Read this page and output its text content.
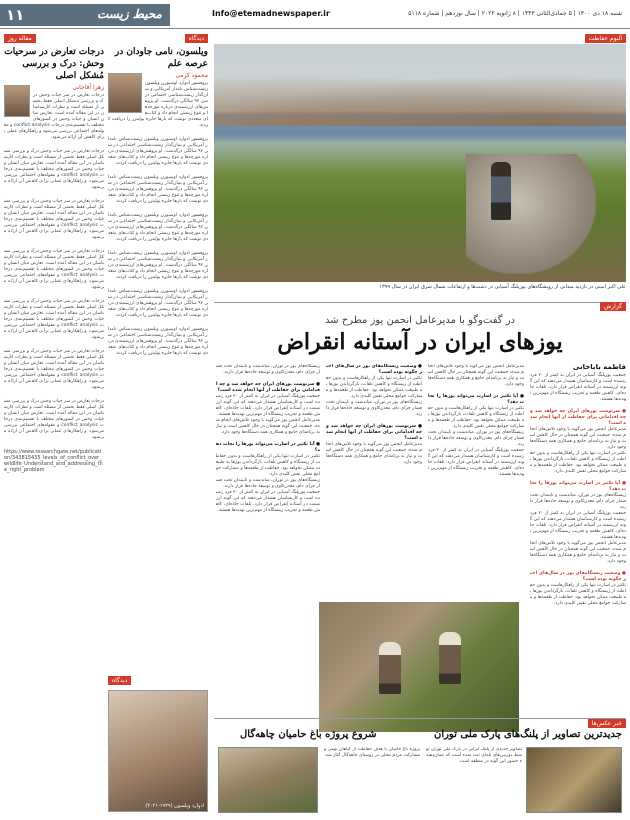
۱۱	محیط زیست	Info@etemadnewspaper.ir	شنبه ۱۸ دی ۱۴۰۰ | ۵ جمادی‌الثانی ۱۴۴۳ | ۸ ژانویه ۲۰۲۲ | سال نوزدهم | شماره ۵۱۱۸
مقاله روز
درجات تعارض در سرحیات وحش: درک و بررسی مُشکل اصلی
زهرا آقاجانی
درجات تعارض در سر حیات وحش درک و بررسی مشکل اصلی فقط بخشی از مسئله است و نظرات کارشناسان در این مقاله آمده است. تعارض میان انسان و حیات وحش در کشورهای مختلف با تقسیم‌بندی درجات conflict analysis و مقوله‌های اجتماعی بررسی می‌شود و راهکارهای عملی برای کاهش آن ارائه می‌شود.
درجات تعارض در سر حیات وحش درک و بررسی مشکل اصلی فقط بخشی از مسئله است و نظرات کارشناسان در این مقاله آمده است. تعارض میان انسان و حیات وحش در کشورهای مختلف با تقسیم‌بندی درجات conflict analysis و مقوله‌های اجتماعی بررسی می‌شود و راهکارهای عملی برای کاهش آن ارائه می‌شود.
درجات تعارض در سر حیات وحش درک و بررسی مشکل اصلی فقط بخشی از مسئله است و نظرات کارشناسان در این مقاله آمده است. تعارض میان انسان و حیات وحش در کشورهای مختلف با تقسیم‌بندی درجات conflict analysis و مقوله‌های اجتماعی بررسی می‌شود و راهکارهای عملی برای کاهش آن ارائه می‌شود.
درجات تعارض در سر حیات وحش درک و بررسی مشکل اصلی فقط بخشی از مسئله است و نظرات کارشناسان در این مقاله آمده است. تعارض میان انسان و حیات وحش در کشورهای مختلف با تقسیم‌بندی درجات conflict analysis و مقوله‌های اجتماعی بررسی می‌شود و راهکارهای عملی برای کاهش آن ارائه می‌شود.
درجات تعارض در سر حیات وحش درک و بررسی مشکل اصلی فقط بخشی از مسئله است و نظرات کارشناسان در این مقاله آمده است. تعارض میان انسان و حیات وحش در کشورهای مختلف با تقسیم‌بندی درجات conflict analysis و مقوله‌های اجتماعی بررسی می‌شود و راهکارهای عملی برای کاهش آن ارائه می‌شود.
درجات تعارض در سر حیات وحش درک و بررسی مشکل اصلی فقط بخشی از مسئله است و نظرات کارشناسان در این مقاله آمده است. تعارض میان انسان و حیات وحش در کشورهای مختلف با تقسیم‌بندی درجات conflict analysis و مقوله‌های اجتماعی بررسی می‌شود و راهکارهای عملی برای کاهش آن ارائه می‌شود.
درجات تعارض در سر حیات وحش درک و بررسی مشکل اصلی فقط بخشی از مسئله است و نظرات کارشناسان در این مقاله آمده است. تعارض میان انسان و حیات وحش در کشورهای مختلف با تقسیم‌بندی درجات conflict analysis و مقوله‌های اجتماعی بررسی می‌شود و راهکارهای عملی برای کاهش آن ارائه می‌شود.
https://www.researchgate.net/publication/343815435_levels_of_conflict_over_wildlife_Understand_and_addressing_the_right_problem
دیدگاه
ویلسون، نامی جاودان در عرصه علم
محمود کرمی
پروفسور ادوارد اوسبورن ویلسون زیست‌شناس نامدار آمریکایی و بنیان‌گذار زیست‌شناسی اجتماعی در سن ۹۲ سالگی درگذشت. او پژوهش‌های ارزشمندی درباره مورچه‌ها و تنوع زیستی انجام داد و کتاب‌های متعددی نوشت که بارها جایزه پولیتزر را دریافت کردند.
پروفسور ادوارد اوسبورن ویلسون زیست‌شناس نامدار آمریکایی و بنیان‌گذار زیست‌شناسی اجتماعی در سن ۹۲ سالگی درگذشت. او پژوهش‌های ارزشمندی درباره مورچه‌ها و تنوع زیستی انجام داد و کتاب‌های متعددی نوشت که بارها جایزه پولیتزر را دریافت کردند.
پروفسور ادوارد اوسبورن ویلسون زیست‌شناس نامدار آمریکایی و بنیان‌گذار زیست‌شناسی اجتماعی در سن ۹۲ سالگی درگذشت. او پژوهش‌های ارزشمندی درباره مورچه‌ها و تنوع زیستی انجام داد و کتاب‌های متعددی نوشت که بارها جایزه پولیتزر را دریافت کردند.
پروفسور ادوارد اوسبورن ویلسون زیست‌شناس نامدار آمریکایی و بنیان‌گذار زیست‌شناسی اجتماعی در سن ۹۲ سالگی درگذشت. او پژوهش‌های ارزشمندی درباره مورچه‌ها و تنوع زیستی انجام داد و کتاب‌های متعددی نوشت که بارها جایزه پولیتزر را دریافت کردند.
پروفسور ادوارد اوسبورن ویلسون زیست‌شناس نامدار آمریکایی و بنیان‌گذار زیست‌شناسی اجتماعی در سن ۹۲ سالگی درگذشت. او پژوهش‌های ارزشمندی درباره مورچه‌ها و تنوع زیستی انجام داد و کتاب‌های متعددی نوشت که بارها جایزه پولیتزر را دریافت کردند.
پروفسور ادوارد اوسبورن ویلسون زیست‌شناس نامدار آمریکایی و بنیان‌گذار زیست‌شناسی اجتماعی در سن ۹۲ سالگی درگذشت. او پژوهش‌های ارزشمندی درباره مورچه‌ها و تنوع زیستی انجام داد و کتاب‌های متعددی نوشت که بارها جایزه پولیتزر را دریافت کردند.
پروفسور ادوارد اوسبورن ویلسون زیست‌شناس نامدار آمریکایی و بنیان‌گذار زیست‌شناسی اجتماعی در سن ۹۲ سالگی درگذشت. او پژوهش‌های ارزشمندی درباره مورچه‌ها و تنوع زیستی انجام داد و کتاب‌های متعددی نوشت که بارها جایزه پولیتزر را دریافت کردند.
دیدگاه
ادوارد ویلسون (۱۹۲۹-۲۰۲۱)
آلبوم حفاظت
علی اکبر امینی در بازدید میدانی از رویشگاه‌های یوزپلنگ آسیایی در دشت‌ها و ارتفاعات شمال شرق ایران در سال ۱۳۹۹
گزارش
در گفت‌وگو با مدیرعامل انجمن یوز مطرح شد
یوزهای ایران در آستانه انقراض
فاطمه باباخانی
جمعیت یوزپلنگ آسیایی در ایران به کمتر از ۲۰ فرد رسیده است و کارشناسان هشدار می‌دهند که این گونه ارزشمند در آستانه انقراض قرار دارد. تلفات جاده‌ای، کاهش طعمه و تخریب زیستگاه از مهم‌ترین تهدیدها هستند.
● سرنوشت یوزهای ایران چه خواهد شد و چه اقداماتی برای حفاظت از آنها انجام شده است؟
مدیرعامل انجمن یوز می‌گوید با وجود تلاش‌های انجام شده، جمعیت این گونه همچنان در حال کاهش است و نیاز به برنامه‌ای جامع و همکاری همه دستگاه‌ها وجود دارد.
تکثیر در اسارت تنها یکی از راهکارهاست و بدون حفاظت از زیستگاه و کاهش تلفات، بازگرداندن یوزها به طبیعت ممکن نخواهد بود. حفاظت از طعمه‌ها و مشارکت جوامع محلی نقش کلیدی دارد.
● آیا تکثیر در اسارت می‌تواند یوزها را نجات دهد؟
زیستگاه‌های یوز در توران، میاندشت و نایبندان تحت فشار چرای دام، معدن‌کاوی و توسعه جاده‌ها قرار دارند.
جمعیت یوزپلنگ آسیایی در ایران به کمتر از ۲۰ فرد رسیده است و کارشناسان هشدار می‌دهند که این گونه ارزشمند در آستانه انقراض قرار دارد. تلفات جاده‌ای، کاهش طعمه و تخریب زیستگاه از مهم‌ترین تهدیدها هستند.
مدیرعامل انجمن یوز می‌گوید با وجود تلاش‌های انجام شده، جمعیت این گونه همچنان در حال کاهش است و نیاز به برنامه‌ای جامع و همکاری همه دستگاه‌ها وجود دارد.
● وضعیت زیستگاه‌های یوز در سال‌های اخیر چگونه بوده است؟
تکثیر در اسارت تنها یکی از راهکارهاست و بدون حفاظت از زیستگاه و کاهش تلفات، بازگرداندن یوزها به طبیعت ممکن نخواهد بود. حفاظت از طعمه‌ها و مشارکت جوامع محلی نقش کلیدی دارد.
مدیرعامل انجمن یوز می‌گوید با وجود تلاش‌های انجام شده، جمعیت این گونه همچنان در حال کاهش است و نیاز به برنامه‌ای جامع و همکاری همه دستگاه‌ها وجود دارد.
● آیا تکثیر در اسارت می‌تواند یوزها را نجات دهد؟
تکثیر در اسارت تنها یکی از راهکارهاست و بدون حفاظت از زیستگاه و کاهش تلفات، بازگرداندن یوزها به طبیعت ممکن نخواهد بود. حفاظت از طعمه‌ها و مشارکت جوامع محلی نقش کلیدی دارد.
زیستگاه‌های یوز در توران، میاندشت و نایبندان تحت فشار چرای دام، معدن‌کاوی و توسعه جاده‌ها قرار دارند.
جمعیت یوزپلنگ آسیایی در ایران به کمتر از ۲۰ فرد رسیده است و کارشناسان هشدار می‌دهند که این گونه ارزشمند در آستانه انقراض قرار دارد. تلفات جاده‌ای، کاهش طعمه و تخریب زیستگاه از مهم‌ترین تهدیدها هستند.
● وضعیت زیستگاه‌های یوز در سال‌های اخیر چگونه بوده است؟
تکثیر در اسارت تنها یکی از راهکارهاست و بدون حفاظت از زیستگاه و کاهش تلفات، بازگرداندن یوزها به طبیعت ممکن نخواهد بود. حفاظت از طعمه‌ها و مشارکت جوامع محلی نقش کلیدی دارد.
زیستگاه‌های یوز در توران، میاندشت و نایبندان تحت فشار چرای دام، معدن‌کاوی و توسعه جاده‌ها قرار دارند.
● سرنوشت یوزهای ایران چه خواهد شد و چه اقداماتی برای حفاظت از آنها انجام شده است؟
مدیرعامل انجمن یوز می‌گوید با وجود تلاش‌های انجام شده، جمعیت این گونه همچنان در حال کاهش است و نیاز به برنامه‌ای جامع و همکاری همه دستگاه‌ها وجود دارد.
زیستگاه‌های یوز در توران، میاندشت و نایبندان تحت فشار چرای دام، معدن‌کاوی و توسعه جاده‌ها قرار دارند.
● سرنوشت یوزهای ایران چه خواهد شد و چه اقداماتی برای حفاظت از آنها انجام شده است؟
جمعیت یوزپلنگ آسیایی در ایران به کمتر از ۲۰ فرد رسیده است و کارشناسان هشدار می‌دهند که این گونه ارزشمند در آستانه انقراض قرار دارد. تلفات جاده‌ای، کاهش طعمه و تخریب زیستگاه از مهم‌ترین تهدیدها هستند.
مدیرعامل انجمن یوز می‌گوید با وجود تلاش‌های انجام شده، جمعیت این گونه همچنان در حال کاهش است و نیاز به برنامه‌ای جامع و همکاری همه دستگاه‌ها وجود دارد.
● آیا تکثیر در اسارت می‌تواند یوزها را نجات دهد؟
تکثیر در اسارت تنها یکی از راهکارهاست و بدون حفاظت از زیستگاه و کاهش تلفات، بازگرداندن یوزها به طبیعت ممکن نخواهد بود. حفاظت از طعمه‌ها و مشارکت جوامع محلی نقش کلیدی دارد.
زیستگاه‌های یوز در توران، میاندشت و نایبندان تحت فشار چرای دام، معدن‌کاوی و توسعه جاده‌ها قرار دارند.
جمعیت یوزپلنگ آسیایی در ایران به کمتر از ۲۰ فرد رسیده است و کارشناسان هشدار می‌دهند که این گونه ارزشمند در آستانه انقراض قرار دارد. تلفات جاده‌ای، کاهش طعمه و تخریب زیستگاه از مهم‌ترین تهدیدها هستند.
خبر عکس‌ها
جدیدترین تصاویر از پلنگ‌های پارک ملی توران
شروع پروژه باغ حامیان چاهه‌گال
تصاویر جدیدی از پلنگ ایرانی در پارک ملی توران توسط دوربین‌های تله‌ای ثبت شده است که نشان‌دهنده حضور این گونه در منطقه است.
پروژه باغ حامیان با هدف حفاظت از گیاهان بومی و مشارکت مردم محلی در روستای چاهه‌گال آغاز شد.
